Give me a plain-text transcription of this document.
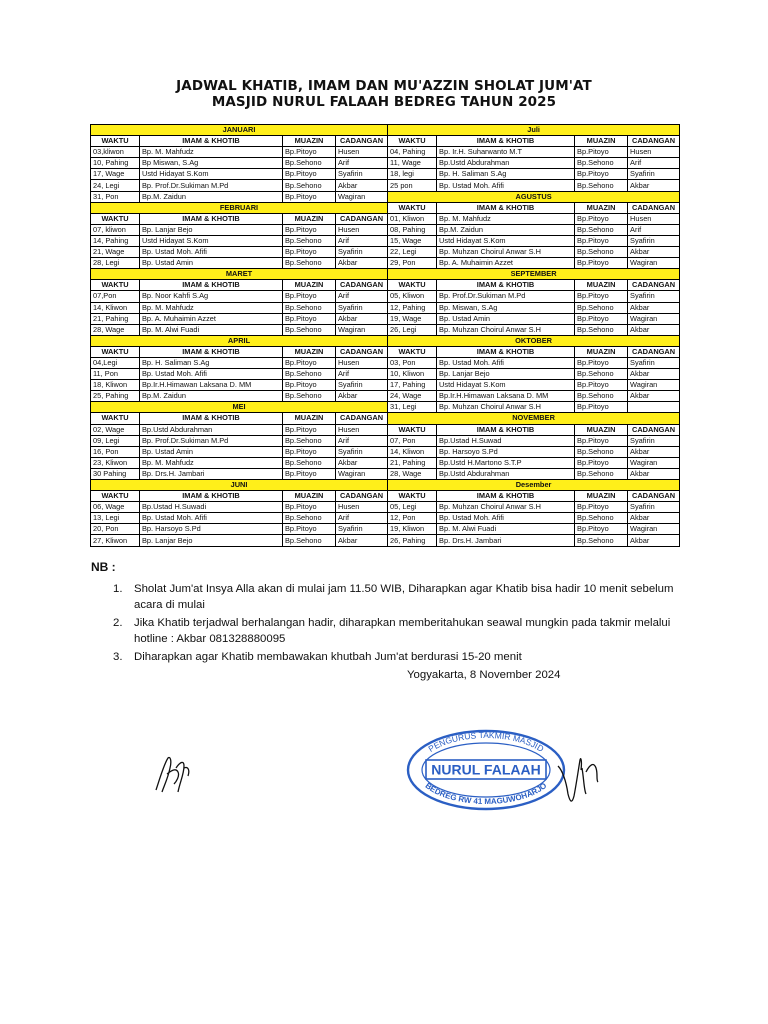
JADWAL KHATIB, IMAM DAN MU'AZZIN SHOLAT JUM'AT
MASJID NURUL FALAAH BEDREG TAHUN 2025
JANUARI				Juli			
WAKTU	IMAM & KHOTIB	MUAZIN	CADANGAN	WAKTU	IMAM & KHOTIB	MUAZIN	CADANGAN
03,kliwon	Bp. M. Mahfudz	Bp.Pitoyo	Husen	04, Pahing	Bp. Ir.H. Suharwanto M.T	Bp.Pitoyo	Husen
10, Pahing	Bp Miswan, S.Ag	Bp.Sehono	Arif	11, Wage	Bp.Ustd Abdurahman	Bp.Sehono	Arif
17, Wage	Ustd Hidayat S.Kom	Bp.Pitoyo	Syafirin	18, legi	Bp. H. Saliman S.Ag	Bp.Pitoyo	Syafirin
24, Legi	Bp. Prof.Dr.Sukiman M.Pd	Bp.Sehono	Akbar	25 pon	Bp. Ustad Moh. Afifi	Bp.Sehono	Akbar
31, Pon	Bp.M. Zaidun	Bp.Pitoyo	Wagiran	AGUSTUS			
FEBRUARI				WAKTU	IMAM & KHOTIB	MUAZIN	CADANGAN
WAKTU	IMAM & KHOTIB	MUAZIN	CADANGAN	01, Kliwon	Bp. M. Mahfudz	Bp.Pitoyo	Husen
07, kliwon	Bp. Lanjar Bejo	Bp.Pitoyo	Husen	08, Pahing	Bp.M. Zaidun	Bp.Sehono	Arif
14, Pahing	Ustd Hidayat S.Kom	Bp.Sehono	Arif	15, Wage	Ustd Hidayat S.Kom	Bp.Pitoyo	Syafirin
21, Wage	Bp. Ustad Moh. Afifi	Bp.Pitoyo	Syafirin	22, Legi	Bp. Muhzan Choirul Anwar S.H	Bp.Sehono	Akbar
28, Legi	Bp. Ustad Amin	Bp.Sehono	Akbar	29, Pon	Bp. A. Muhaimin Azzet	Bp.Pitoyo	Wagiran
MARET				SEPTEMBER			
WAKTU	IMAM & KHOTIB	MUAZIN	CADANGAN	WAKTU	IMAM & KHOTIB	MUAZIN	CADANGAN
07,Pon	Bp. Noor Kahfi S.Ag	Bp.Pitoyo	Arif	05, Kliwon	Bp. Prof.Dr.Sukiman M.Pd	Bp.Pitoyo	Syafirin
14, Kliwon	Bp. M. Mahfudz	Bp.Sehono	Syafirin	12, Pahing	Bp. Miswan, S.Ag	Bp.Sehono	Akbar
21, Pahing	Bp. A. Muhaimin Azzet	Bp.Pitoyo	Akbar	19, Wage	Bp. Ustad Amin	Bp.Pitoyo	Wagiran
28, Wage	Bp. M. Alwi Fuadi	Bp.Sehono	Wagiran	26, Legi	Bp. Muhzan Choirul Anwar S.H	Bp.Sehono	Akbar
APRIL				OKTOBER			
WAKTU	IMAM & KHOTIB	MUAZIN	CADANGAN	WAKTU	IMAM & KHOTIB	MUAZIN	CADANGAN
04,Legi	Bp. H. Saliman S.Ag	Bp.Pitoyo	Husen	03, Pon	Bp. Ustad Moh. Afifi	Bp.Pitoyo	Syafirin
11, Pon	Bp. Ustad Moh. Afifi	Bp.Sehono	Arif	10, Kliwon	Bp. Lanjar Bejo	Bp.Sehono	Akbar
18, Kliwon	Bp.Ir.H.Himawan Laksana D. MM	Bp.Pitoyo	Syafirin	17, Pahing	Ustd Hidayat S.Kom	Bp.Pitoyo	Wagiran
25, Pahing	Bp.M. Zaidun	Bp.Sehono	Akbar	24, Wage	Bp.Ir.H.Himawan Laksana D. MM	Bp.Sehono	Akbar
MEI				31, Legi	Bp. Muhzan Choirul Anwar S.H	Bp.Pitoyo	
WAKTU	IMAM & KHOTIB	MUAZIN	CADANGAN	NOVEMBER			
02, Wage	Bp.Ustd Abdurahman	Bp.Pitoyo	Husen	WAKTU	IMAM & KHOTIB	MUAZIN	CADANGAN
09, Legi	Bp. Prof.Dr.Sukiman M.Pd	Bp.Sehono	Arif	07, Pon	Bp.Ustad H.Suwad	Bp.Pitoyo	Syafirin
16, Pon	Bp. Ustad Amin	Bp.Pitoyo	Syafirin	14, Kliwon	Bp. Harsoyo S.Pd	Bp.Sehono	Akbar
23, Kliwon	Bp. M. Mahfudz	Bp.Sehono	Akbar	21, Pahing	Bp.Ustd H.Martono S.T.P	Bp.Pitoyo	Wagiran
30 Pahing	Bp. Drs.H. Jambari	Bp.Pitoyo	Wagiran	28, Wage	Bp.Ustd Abdurahman	Bp.Sehono	Akbar
JUNI				Desember			
WAKTU	IMAM & KHOTIB	MUAZIN	CADANGAN	WAKTU	IMAM & KHOTIB	MUAZIN	CADANGAN
06, Wage	Bp.Ustad H.Suwadi	Bp.Pitoyo	Husen	05, Legi	Bp. Muhzan Choirul Anwar S.H	Bp.Pitoyo	Syafirin
13, Legi	Bp. Ustad Moh. Afifi	Bp.Sehono	Arif	12, Pon	Bp. Ustad Moh. Afifi	Bp.Sehono	Akbar
20, Pon	Bp. Harsoyo S.Pd	Bp.Pitoyo	Syafirin	19, Kliwon	Bp. M. Alwi Fuadi	Bp.Pitoyo	Wagiran
27, Kliwon	Bp. Lanjar Bejo	Bp.Sehono	Akbar	26, Pahing	Bp. Drs.H. Jambari	Bp.Sehono	Akbar
NB :
1. Sholat Jum'at Insya Alla akan di mulai jam 11.50 WIB, Diharapkan agar Khatib bisa hadir 10 menit sebelum acara di mulai
2. Jika Khatib terjadwal berhalangan hadir, diharapkan memberitahukan seawal mungkin pada takmir melalui hotline : Akbar 081328880095
3. Diharapkan agar Khatib membawakan khutbah Jum'at berdurasi 15-20 menit
Yogyakarta, 8 November 2024
PENGURUS TAKMIR MASJID
NURUL FALAAH
BEDREG RW 41 MAGUWOHARJO
